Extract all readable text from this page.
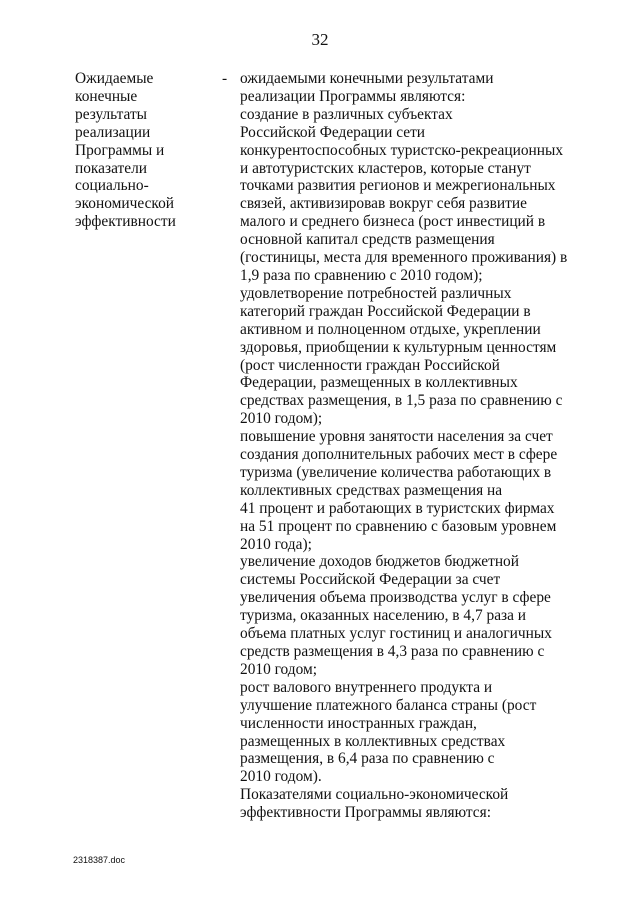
32
Ожидаемые
конечные
результаты
реализации
Программы и
показатели
социально-
экономической
эффективности
- ожидаемыми конечными результатами
реализации Программы являются:
создание в различных субъектах
Российской Федерации сети
конкурентоспособных туристско-рекреационных
и автотуристских кластеров, которые станут
точками развития регионов и межрегиональных
связей, активизировав вокруг себя развитие
малого и среднего бизнеса (рост инвестиций в
основной капитал средств размещения
(гостиницы, места для временного проживания) в
1,9 раза по сравнению с 2010 годом);
удовлетворение потребностей различных
категорий граждан Российской Федерации в
активном и полноценном отдыхе, укреплении
здоровья, приобщении к культурным ценностям
(рост численности граждан Российской
Федерации, размещенных в коллективных
средствах размещения, в 1,5 раза по сравнению с
2010 годом);
повышение уровня занятости населения за счет
создания дополнительных рабочих мест в сфере
туризма (увеличение количества работающих в
коллективных средствах размещения на
41 процент и работающих в туристских фирмах
на 51 процент по сравнению с базовым уровнем
2010 года);
увеличение доходов бюджетов бюджетной
системы Российской Федерации за счет
увеличения объема производства услуг в сфере
туризма, оказанных населению, в 4,7 раза и
объема платных услуг гостиниц и аналогичных
средств размещения в 4,3 раза по сравнению с
2010 годом;
рост валового внутреннего продукта и
улучшение платежного баланса страны (рост
численности иностранных граждан,
размещенных в коллективных средствах
размещения, в 6,4 раза по сравнению с
2010 годом).
Показателями социально-экономической
эффективности Программы являются:
2318387.doc
